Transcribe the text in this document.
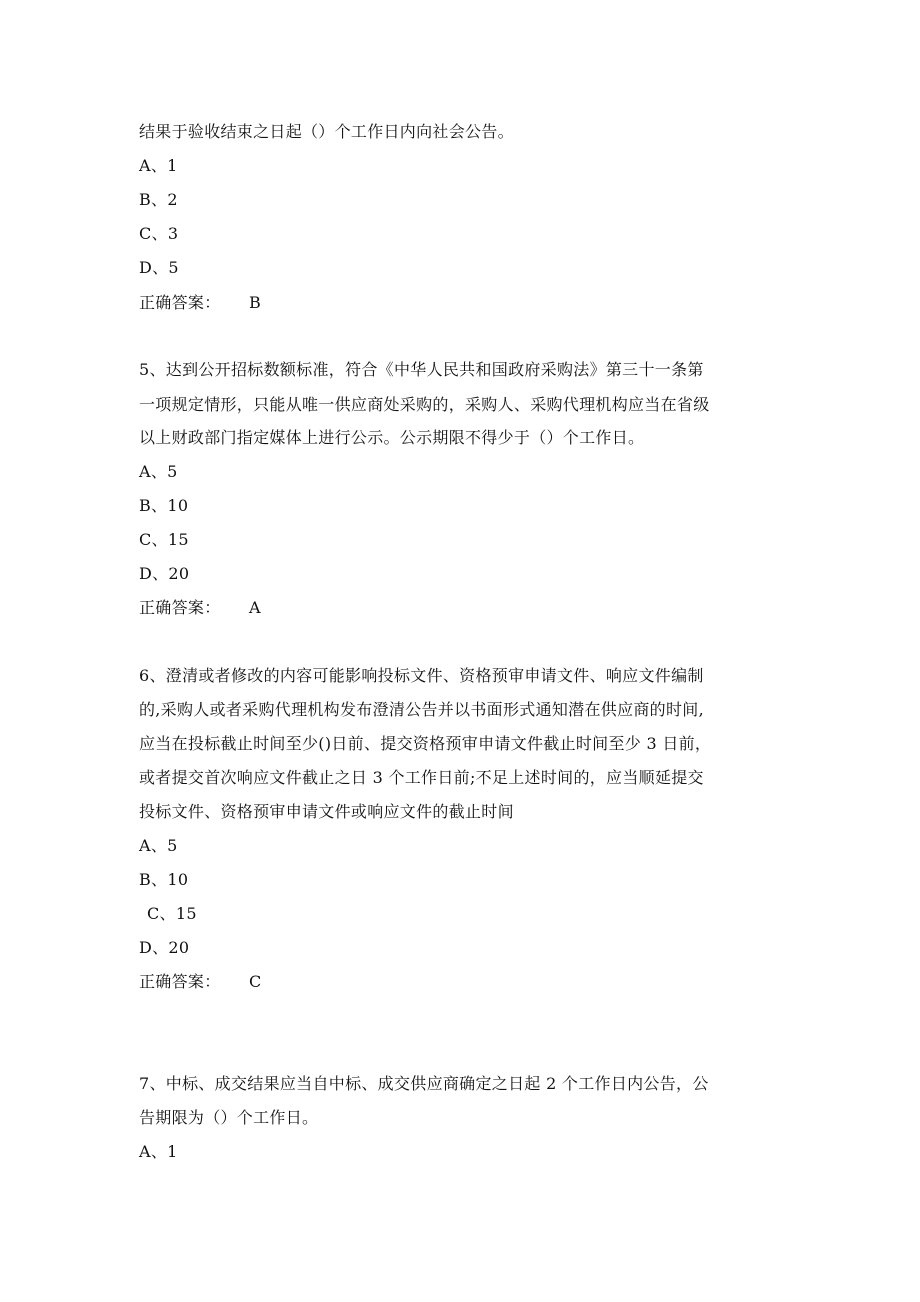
结果于验收结束之日起（）个工作日内向社会公告。
A、1
B、2
C、3
D、5
正确答案： B
5、达到公开招标数额标准，符合《中华人民共和国政府采购法》第三十一条第
一项规定情形，只能从唯一供应商处采购的，采购人、采购代理机构应当在省级
以上财政部门指定媒体上进行公示。公示期限不得少于（）个工作日。
A、5
B、10
C、15
D、20
正确答案： A
6、澄清或者修改的内容可能影响投标文件、资格预审申请文件、响应文件编制
的,采购人或者采购代理机构发布澄清公告并以书面形式通知潜在供应商的时间,
应当在投标截止时间至少()日前、提交资格预审申请文件截止时间至少 3 日前，
或者提交首次响应文件截止之日 3 个工作日前;不足上述时间的，应当顺延提交
投标文件、资格预审申请文件或响应文件的截止时间
A、5
B、10
C、15
D、20
正确答案： C
7、中标、成交结果应当自中标、成交供应商确定之日起 2 个工作日内公告，公
告期限为（）个工作日。
A、1
